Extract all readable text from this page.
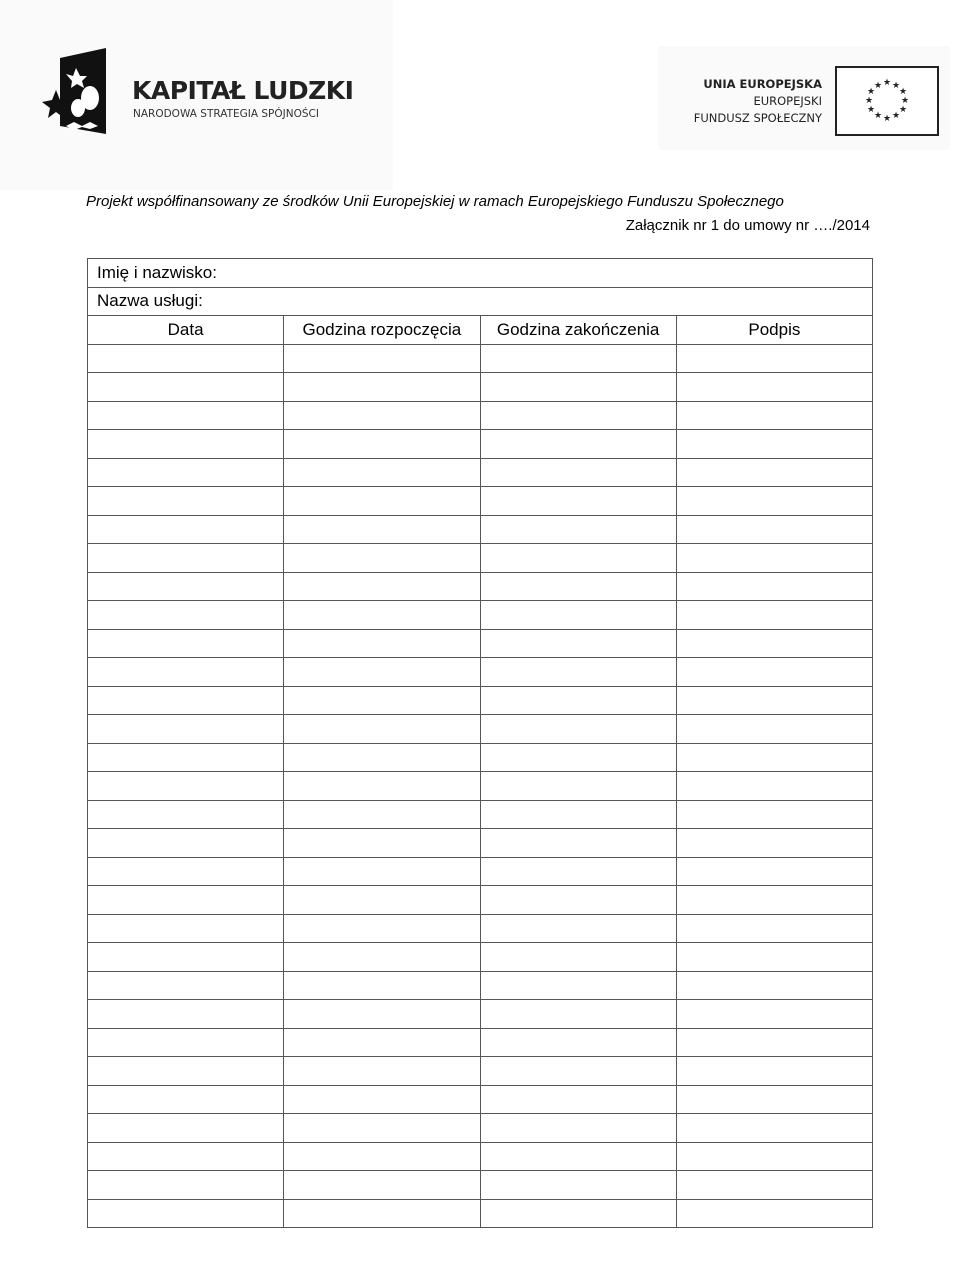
KAPITAŁ LUDZKI
NARODOWA STRATEGIA SPÓJNOŚCI
UNIA EUROPEJSKA
EUROPEJSKI
FUNDUSZ SPOŁECZNY
★ ★
★
★
★
★
★
★
★
★
★
★
Projekt współfinansowany ze środków Unii Europejskiej w ramach Europejskiego Funduszu Społecznego
Załącznik nr 1 do umowy nr …./2014
Imię i nazwisko:			
Nazwa usługi:			
Data	Godzina rozpoczęcia	Godzina zakończenia	Podpis
